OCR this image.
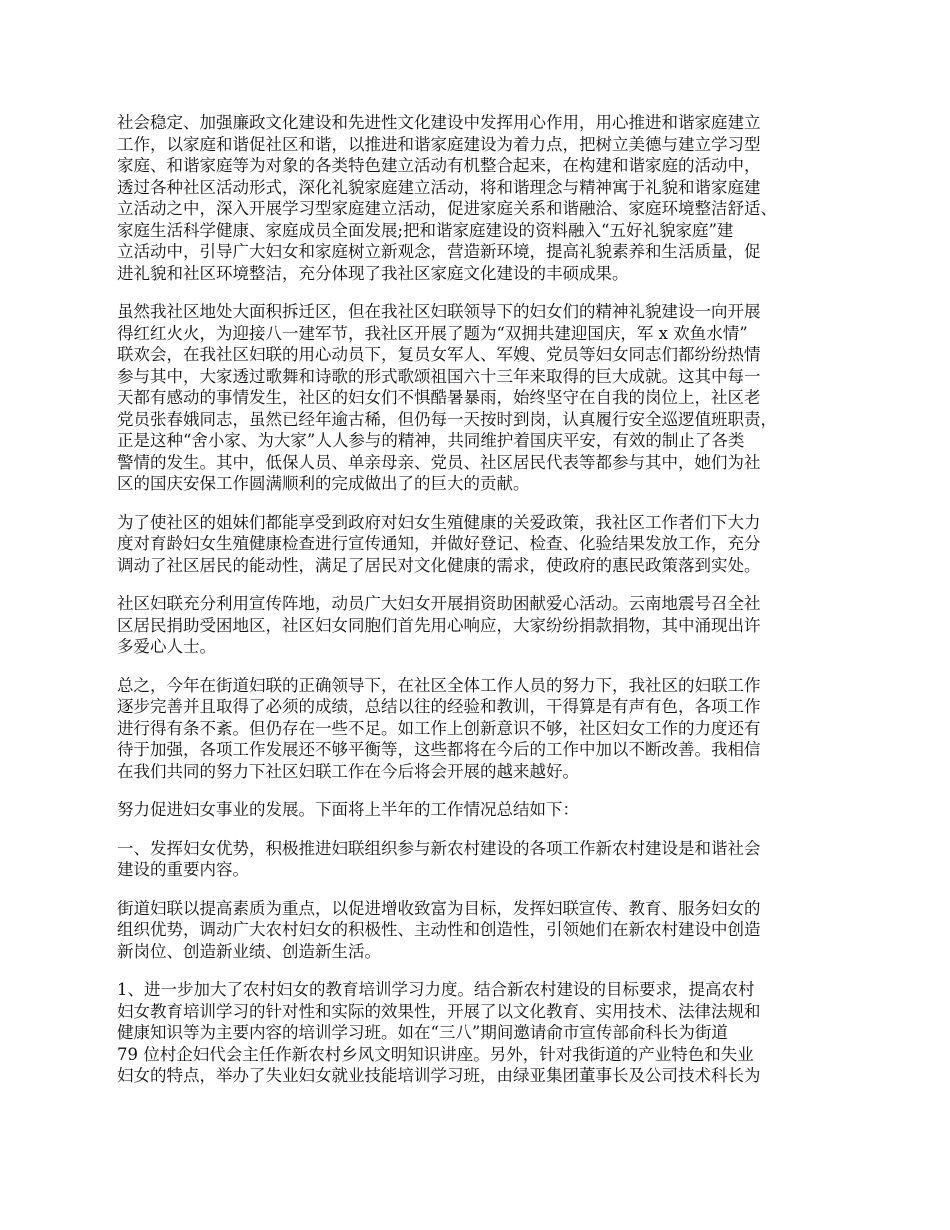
社会稳定、加强廉政文化建设和先进性文化建设中发挥用心作用，用心推进和谐家庭建立
工作，以家庭和谐促社区和谐，以推进和谐家庭建设为着力点，把树立美德与建立学习型
家庭、和谐家庭等为对象的各类特色建立活动有机整合起来，在构建和谐家庭的活动中，
透过各种社区活动形式，深化礼貌家庭建立活动，将和谐理念与精神寓于礼貌和谐家庭建
立活动之中，深入开展学习型家庭建立活动，促进家庭关系和谐融洽、家庭环境整洁舒适、
家庭生活科学健康、家庭成员全面发展;把和谐家庭建设的资料融入“五好礼貌家庭”建
立活动中，引导广大妇女和家庭树立新观念，营造新环境，提高礼貌素养和生活质量，促
进礼貌和社区环境整洁，充分体现了我社区家庭文化建设的丰硕成果。

虽然我社区地处大面积拆迁区，但在我社区妇联领导下的妇女们的精神礼貌建设一向开展
得红红火火，为迎接八一建军节，我社区开展了题为“双拥共建迎国庆，军 x 欢鱼水情”
联欢会，在我社区妇联的用心动员下，复员女军人、军嫂、党员等妇女同志们都纷纷热情
参与其中，大家透过歌舞和诗歌的形式歌颂祖国六十三年来取得的巨大成就。这其中每一
天都有感动的事情发生，社区的妇女们不惧酷暑暴雨，始终坚守在自我的岗位上，社区老
党员张春娥同志，虽然已经年逾古稀，但仍每一天按时到岗，认真履行安全巡逻值班职责，
正是这种“舍小家、为大家”人人参与的精神，共同维护着国庆平安，有效的制止了各类
警情的发生。其中，低保人员、单亲母亲、党员、社区居民代表等都参与其中，她们为社
区的国庆安保工作圆满顺利的完成做出了的巨大的贡献。

为了使社区的姐妹们都能享受到政府对妇女生殖健康的关爱政策，我社区工作者们下大力
度对育龄妇女生殖健康检查进行宣传通知，并做好登记、检查、化验结果发放工作，充分
调动了社区居民的能动性，满足了居民对文化健康的需求，使政府的惠民政策落到实处。

社区妇联充分利用宣传阵地，动员广大妇女开展捐资助困献爱心活动。云南地震号召全社
区居民捐助受困地区，社区妇女同胞们首先用心响应，大家纷纷捐款捐物，其中涌现出许
多爱心人士。

总之，今年在街道妇联的正确领导下，在社区全体工作人员的努力下，我社区的妇联工作
逐步完善并且取得了必须的成绩，总结以往的经验和教训，干得算是有声有色，各项工作
进行得有条不紊。但仍存在一些不足。如工作上创新意识不够，社区妇女工作的力度还有
待于加强，各项工作发展还不够平衡等，这些都将在今后的工作中加以不断改善。我相信
在我们共同的努力下社区妇联工作在今后将会开展的越来越好。

努力促进妇女事业的发展。下面将上半年的工作情况总结如下：

一、发挥妇女优势，积极推进妇联组织参与新农村建设的各项工作新农村建设是和谐社会
建设的重要内容。

街道妇联以提高素质为重点，以促进增收致富为目标，发挥妇联宣传、教育、服务妇女的
组织优势，调动广大农村妇女的积极性、主动性和创造性，引领她们在新农村建设中创造
新岗位、创造新业绩、创造新生活。

1、进一步加大了农村妇女的教育培训学习力度。结合新农村建设的目标要求，提高农村
妇女教育培训学习的针对性和实际的效果性，开展了以文化教育、实用技术、法律法规和
健康知识等为主要内容的培训学习班。如在“三八”期间邀请俞市宣传部俞科长为街道
79 位村企妇代会主任作新农村乡风文明知识讲座。另外，针对我街道的产业特色和失业
妇女的特点，举办了失业妇女就业技能培训学习班，由绿亚集团董事长及公司技术科长为
